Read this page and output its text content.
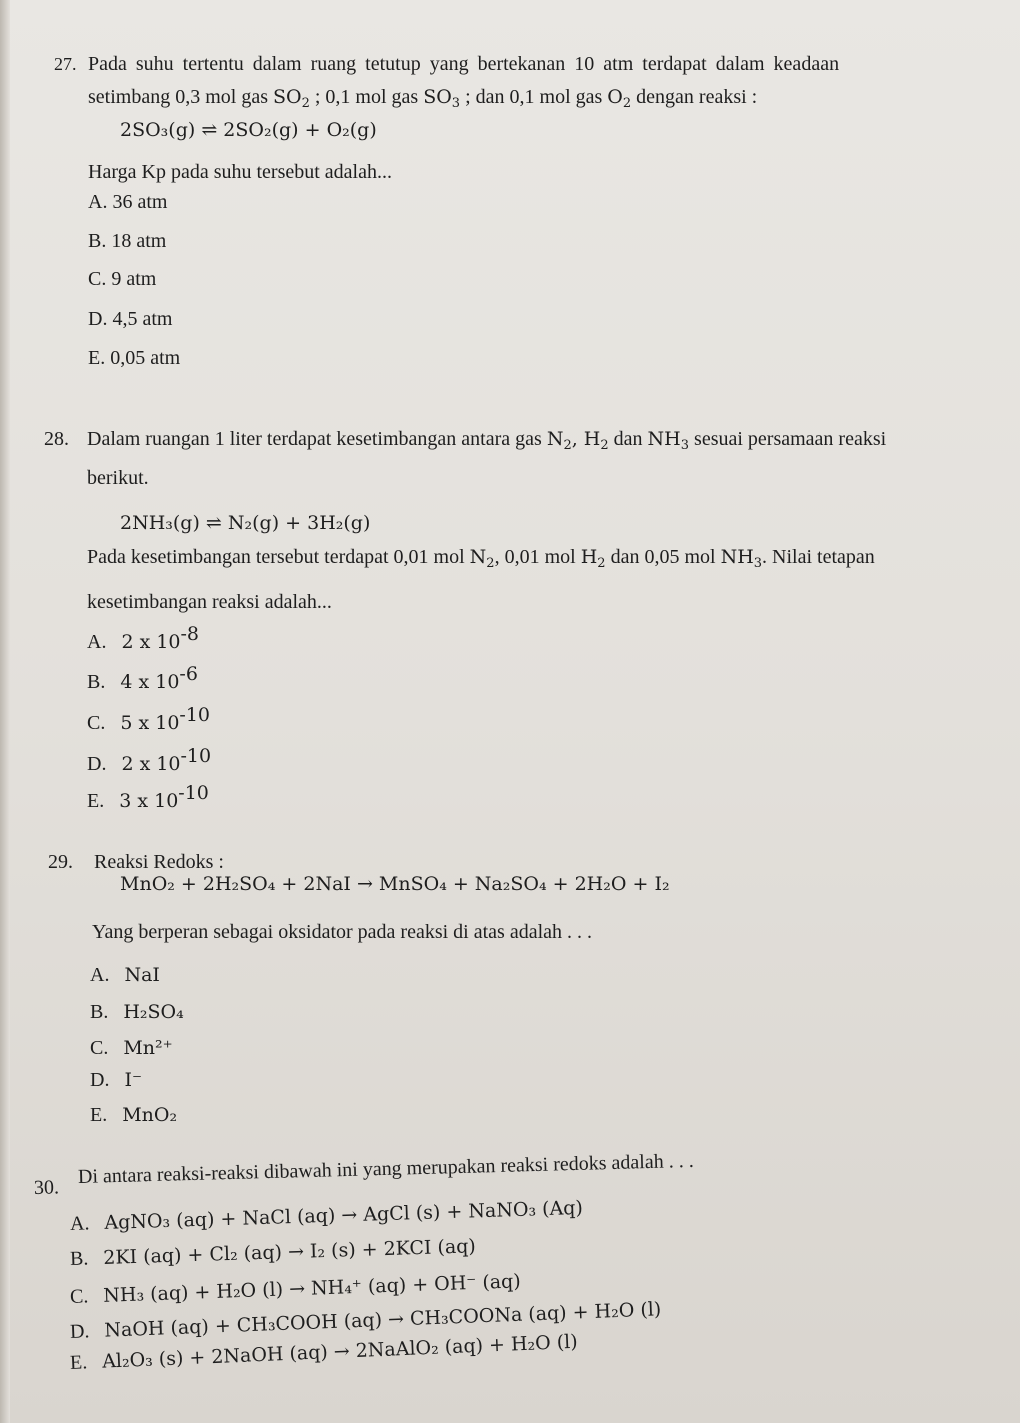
27. Pada suhu tertentu dalam ruang tetutup yang bertekanan 10 atm terdapat dalam keadaan
setimbang 0,3 mol gas $SO_2$ ; 0,1 mol gas $SO_3$ ; dan 0,1 mol gas $O_2$ dengan reaksi :
2SO₃(g) ⇌ 2SO₂(g) + O₂(g)
Harga Kp pada suhu tersebut adalah...
A. 36 atm
B. 18 atm
C. 9 atm
D. 4,5 atm
E. 0,05 atm
28. Dalam ruangan 1 liter terdapat kesetimbangan antara gas $N_2$, $H_2$ dan $NH_3$ sesuai persamaan reaksi
berikut.
2NH₃(g) ⇌ N₂(g) + 3H₂(g)
Pada kesetimbangan tersebut terdapat 0,01 mol $N_2$, 0,01 mol $H_2$ dan 0,05 mol $NH_3$. Nilai tetapan
kesetimbangan reaksi adalah...
A. 2 x $10^{-8}$
B. 4 x $10^{-6}$
C. 5 x $10^{-10}$
D. 2 x $10^{-10}$
E. 3 x $10^{-10}$
29. Reaksi Redoks :
MnO₂ + 2H₂SO₄ + 2NaI → MnSO₄ + Na₂SO₄ + 2H₂O + I₂
Yang berperan sebagai oksidator pada reaksi di atas adalah . . .
A. NaI
B. H₂SO₄
C. Mn²⁺
D. I⁻
E. MnO₂
30. Di antara reaksi-reaksi dibawah ini yang merupakan reaksi redoks adalah . . .
A. AgNO₃ (aq) + NaCl (aq) → AgCl (s) + NaNO₃ (Aq)
B. 2KI (aq) + Cl₂ (aq) → I₂ (s) + 2KCI (aq)
C. NH₃ (aq) + H₂O (l) → NH₄⁺ (aq) + OH⁻ (aq)
D. NaOH (aq) + CH₃COOH (aq) → CH₃COONa (aq) + H₂O (l)
E. Al₂O₃ (s) + 2NaOH (aq) → 2NaAlO₂ (aq) + H₂O (l)
